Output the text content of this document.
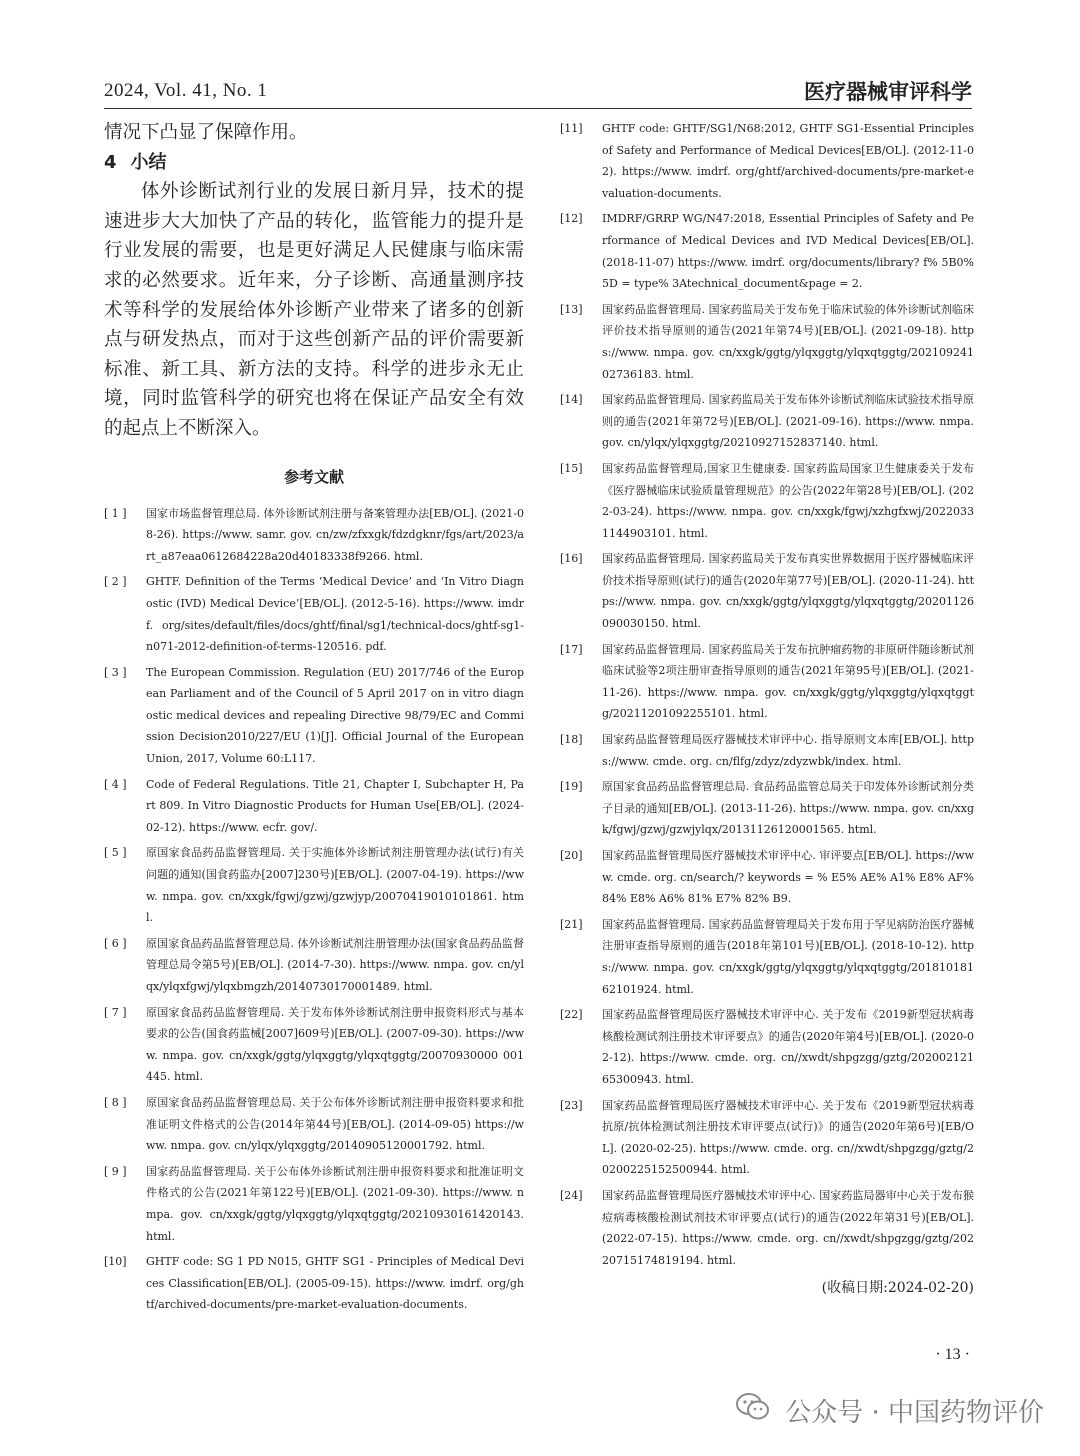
2024, Vol. 41, No. 1	医疗器械审评科学

情况下凸显了保障作用。

4 小结

体外诊断试剂行业的发展日新月异，技术的提速进步大大加快了产品的转化，监管能力的提升是行业发展的需要，也是更好满足人民健康与临床需求的必然要求。近年来，分子诊断、高通量测序技术等科学的发展给体外诊断产业带来了诸多的创新点与研发热点，而对于这些创新产品的评价需要新标准、新工具、新方法的支持。科学的进步永无止境，同时监管科学的研究也将在保证产品安全有效的起点上不断深入。

参考文献
[ 1 ]	国家市场监督管理总局. 体外诊断试剂注册与备案管理办法[EB/OL]. (2021-08-26). https://www. samr. gov. cn/zw/zfxxgk/fdzdgknr/fgs/art/2023/art_a87eaa0612684228a20d40183338f9266. html.
[ 2 ]	GHTF. Definition of the Terms ‘Medical Device’ and ‘In Vitro Diagnostic (IVD) Medical Device’[EB/OL]. (2012-5-16). https://www. imdrf. org/sites/default/files/docs/ghtf/final/sg1/technical-docs/ghtf-sg1-n071-2012-definition-of-terms-120516. pdf.
[ 3 ]	The European Commission. Regulation (EU) 2017/746 of the European Parliament and of the Council of 5 April 2017 on in vitro diagnostic medical devices and repealing Directive 98/79/EC and Commission Decision2010/227/EU (1)[J]. Official Journal of the European Union, 2017, Volume 60:L117.
[ 4 ]	Code of Federal Regulations. Title 21, Chapter I, Subchapter H, Part 809. In Vitro Diagnostic Products for Human Use[EB/OL]. (2024-02-12). https://www. ecfr. gov/.
[ 5 ]	原国家食品药品监督管理局. 关于实施体外诊断试剂注册管理办法(试行)有关问题的通知(国食药监办[2007]230号)[EB/OL]. (2007-04-19). https://www. nmpa. gov. cn/xxgk/fgwj/gzwj/gzwjyp/20070419010101861. html.
[ 6 ]	原国家食品药品监督管理总局. 体外诊断试剂注册管理办法(国家食品药品监督管理总局令第5号)[EB/OL]. (2014-7-30). https://www. nmpa. gov. cn/ylqx/ylqxfgwj/ylqxbmgzh/20140730170001489. html.
[ 7 ]	原国家食品药品监督管理局. 关于发布体外诊断试剂注册申报资料形式与基本要求的公告(国食药监械[2007]609号)[EB/OL]. (2007-09-30). https://www. nmpa. gov. cn/xxgk/ggtg/ylqxggtg/ylqxqtggtg/20070930000 001445. html.
[ 8 ]	原国家食品药品监督管理总局. 关于公布体外诊断试剂注册申报资料要求和批准证明文件格式的公告(2014年第44号)[EB/OL]. (2014-09-05) https://www. nmpa. gov. cn/ylqx/ylqxggtg/20140905120001792. html.
[ 9 ]	国家药品监督管理局. 关于公布体外诊断试剂注册申报资料要求和批准证明文件格式的公告(2021年第122号)[EB/OL]. (2021-09-30). https://www. nmpa. gov. cn/xxgk/ggtg/ylqxggtg/ylqxqtggtg/20210930161420143. html.
[10]	GHTF code: SG 1 PD N015, GHTF SG1 - Principles of Medical Devices Classification[EB/OL]. (2005-09-15). https://www. imdrf. org/ghtf/archived-documents/pre-market-evaluation-documents.
[11]	GHTF code: GHTF/SG1/N68:2012, GHTF SG1-Essential Principles of Safety and Performance of Medical Devices[EB/OL]. (2012-11-02). https://www. imdrf. org/ghtf/archived-documents/pre-market-evaluation-documents.
[12]	IMDRF/GRRP WG/N47:2018, Essential Principles of Safety and Performance of Medical Devices and IVD Medical Devices[EB/OL]. (2018-11-07) https://www. imdrf. org/documents/library? f% 5B0% 5D = type% 3Atechnical_document&page = 2.
[13]	国家药品监督管理局. 国家药监局关于发布免于临床试验的体外诊断试剂临床评价技术指导原则的通告(2021年第74号)[EB/OL]. (2021-09-18). https://www. nmpa. gov. cn/xxgk/ggtg/ylqxggtg/ylqxqtggtg/20210924102736183. html.
[14]	国家药品监督管理局. 国家药监局关于发布体外诊断试剂临床试验技术指导原则的通告(2021年第72号)[EB/OL]. (2021-09-16). https://www. nmpa. gov. cn/ylqx/ylqxggtg/20210927152837140. html.
[15]	国家药品监督管理局,国家卫生健康委. 国家药监局国家卫生健康委关于发布《医疗器械临床试验质量管理规范》的公告(2022年第28号)[EB/OL]. (2022-03-24). https://www. nmpa. gov. cn/xxgk/fgwj/xzhgfxwj/20220331144903101. html.
[16]	国家药品监督管理局. 国家药监局关于发布真实世界数据用于医疗器械临床评价技术指导原则(试行)的通告(2020年第77号)[EB/OL]. (2020-11-24). https://www. nmpa. gov. cn/xxgk/ggtg/ylqxggtg/ylqxqtggtg/20201126090030150. html.
[17]	国家药品监督管理局. 国家药监局关于发布抗肿瘤药物的非原研伴随诊断试剂临床试验等2项注册审查指导原则的通告(2021年第95号)[EB/OL]. (2021-11-26). https://www. nmpa. gov. cn/xxgk/ggtg/ylqxggtg/ylqxqtggtg/20211201092255101. html.
[18]	国家药品监督管理局医疗器械技术审评中心. 指导原则文本库[EB/OL]. https://www. cmde. org. cn/flfg/zdyz/zdyzwbk/index. html.
[19]	原国家食品药品监督管理总局. 食品药品监管总局关于印发体外诊断试剂分类子目录的通知[EB/OL]. (2013-11-26). https://www. nmpa. gov. cn/xxgk/fgwj/gzwj/gzwjylqx/20131126120001565. html.
[20]	国家药品监督管理局医疗器械技术审评中心. 审评要点[EB/OL]. https://www. cmde. org. cn/search/? keywords = % E5% AE% A1% E8% AF% 84% E8% A6% 81% E7% 82% B9.
[21]	国家药品监督管理局. 国家药品监督管理局关于发布用于罕见病防治医疗器械注册审查指导原则的通告(2018年第101号)[EB/OL]. (2018-10-12). https://www. nmpa. gov. cn/xxgk/ggtg/ylqxggtg/ylqxqtggtg/20181018162101924. html.
[22]	国家药品监督管理局医疗器械技术审评中心. 关于发布《2019新型冠状病毒核酸检测试剂注册技术审评要点》的通告(2020年第4号)[EB/OL]. (2020-02-12). https://www. cmde. org. cn//xwdt/shpgzgg/gztg/20200212165300943. html.
[23]	国家药品监督管理局医疗器械技术审评中心. 关于发布《2019新型冠状病毒抗原/抗体检测试剂注册技术审评要点(试行)》的通告(2020年第6号)[EB/OL]. (2020-02-25). https://www. cmde. org. cn//xwdt/shpgzgg/gztg/20200225152500944. html.
[24]	国家药品监督管理局医疗器械技术审评中心. 国家药监局器审中心关于发布猴痘病毒核酸检测试剂技术审评要点(试行)的通告(2022年第31号)[EB/OL]. (2022-07-15). https://www. cmde. org. cn//xwdt/shpgzgg/gztg/20220715174819194. html.
(收稿日期:2024-02-20)
· 13 ·
公众号 · 中国药物评价
